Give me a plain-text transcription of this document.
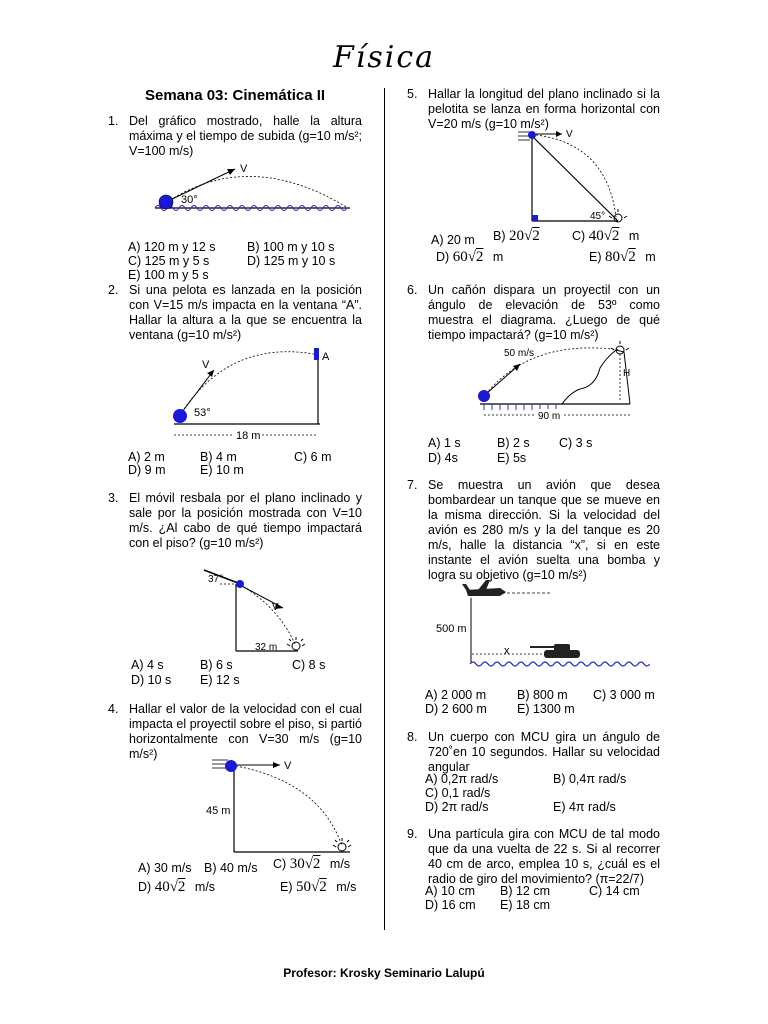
Física
Semana 03: Cinemática II
1. Del gráfico mostrado, halle la altura máxima y el tiempo de subida (g=10 m/s²; V=100 m/s)
V
30°
A) 120 m y 12 s	B) 100 m y 10 s
C) 125 m y 5 s	D) 125 m y 10 s
E) 100 m y 5 s
2. Si una pelota es lanzada en la posición con V=15 m/s impacta en la ventana “A”. Hallar la altura a la que se encuentra la ventana (g=10 m/s²)
V
53°
A
18 m
A) 2 m	B) 4 m	C) 6 m
D) 9 m	E) 10 m
3. El móvil resbala por el plano inclinado y sale por la posición mostrada con V=10 m/s. ¿Al cabo de qué tiempo impactará con el piso? (g=10 m/s²)
37°
V
32 m
A) 4 s	B) 6 s	C) 8 s
D) 10 s E) 12 s
4. Hallar el valor de la velocidad con el cual impacta el proyectil sobre el piso, si partió horizontalmente con V=30 m/s (g=10 m/s²)
V
45 m
A) 30 m/s B) 40 m/s C) 30√2 m/s
D) 40√2 m/s	E) 50√2 m/s
5. Hallar la longitud del plano inclinado si la pelotita se lanza en forma horizontal con V=20 m/s (g=10 m/s²)
V
45°
A) 20 m B) 20√2	C) 40√2 m
D) 60√2 m	E) 80√2 m
6. Un cañón dispara un proyectil con un ángulo de elevación de 53º como muestra el diagrama. ¿Luego de qué tiempo impactará? (g=10 m/s²)
50 m/s
H
90 m
A) 1 s	B) 2 s C) 3 s
D) 4s	E) 5s
7. Se muestra un avión que desea bombardear un tanque que se mueve en la misma dirección. Si la velocidad del avión es 280 m/s y la del tanque es 20 m/s, halle la distancia “x”, si en este instante el avión suelta una bomba y logra su objetivo (g=10 m/s²)
500 m
x
A) 2 000 m B) 800 m C) 3 000 m
D) 2 600 m E) 1300 m
8. Un cuerpo con MCU gira un ángulo de 720˚en 10 segundos. Hallar su velocidad angular
A) 0,2π rad/s	B) 0,4π rad/s
C) 0,1 rad/s
D) 2π rad/s	E) 4π rad/s
9. Una partícula gira con MCU de tal modo que da una vuelta de 22 s. Si al recorrer 40 cm de arco, emplea 10 s, ¿cuál es el radio de giro del movimiento? (π=22/7)
A) 10 cm B) 12 cm	C) 14 cm
D) 16 cm E) 18 cm
Profesor: Krosky Seminario Lalupú
